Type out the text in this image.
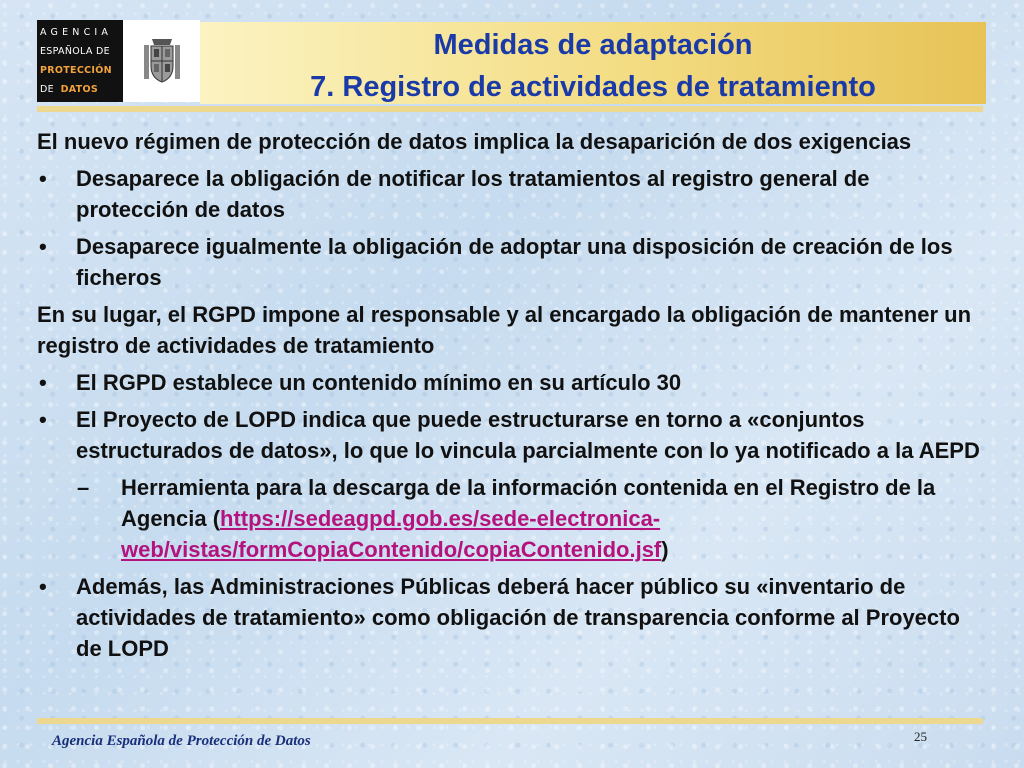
AGENCIA
ESPAÑOLA DE
PROTECCIÓN
DE DATOS
Medidas de adaptación
7. Registro de actividades de tratamiento
El nuevo régimen de protección de datos implica la desaparición de dos exigencias
• Desaparece la obligación de notificar los tratamientos al registro general de protección de datos
• Desaparece igualmente la obligación de adoptar una disposición de creación de los ficheros
En su lugar, el RGPD impone al responsable y al encargado la obligación de mantener un registro de actividades de tratamiento
• El RGPD establece un contenido mínimo en su artículo 30
• El Proyecto de LOPD indica que puede estructurarse en torno a «conjuntos estructurados de datos», lo que lo vincula parcialmente con lo ya notificado a la AEPD
– Herramienta para la descarga de la información contenida en el Registro de la Agencia (https://sedeagpd.gob.es/sede-electronica-web/vistas/formCopiaContenido/copiaContenido.jsf)
• Además, las Administraciones Públicas deberá hacer público su «inventario de actividades de tratamiento» como obligación de transparencia conforme al Proyecto de LOPD
Agencia Española de Protección de Datos	25
